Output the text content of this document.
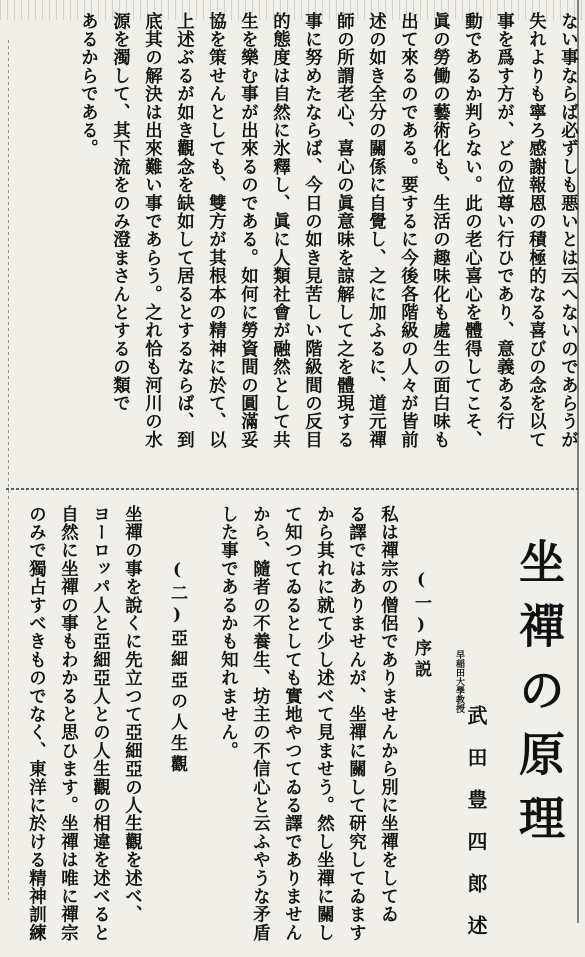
ない事ならば必ずしも悪いとは云へないのであらうが
失れよりも寧ろ感謝報恩の積極的なる喜びの念を以て
事を爲す方が、どの位尊い行ひであり、意義ある行
動であるか判らない。此の老心喜心を體得してこそ、
眞の勞働の藝術化も、生活の趣味化も處生の面白味も
出て來るのである。要するに今後各階級の人々が皆前
述の如き全分の關係に自覺し、之に加ふるに、道元禪
師の所謂老心、喜心の眞意味を諒解して之を體現する
事に努めたならば、今日の如き見苦しい階級間の反目
的態度は自然に氷釋し、眞に人類社會が融然として共
生を樂む事が出來るのである。如何に勞資間の圓滿妥
協を策せんとしても、雙方が其根本の精神に於て、以
上述ぶるが如き觀念を缺如して居るとするならば、到
底其の解決は出來難い事であらう。之れ恰も河川の水
源を濁して、其下流をのみ澄まさんとするの類で
あるからである。
坐禪の原理
早稲田大學教授
武田豊四郎述
(一)序説
私は禪宗の僧侶でありませんから別に坐禪をしてゐ
る譯ではありませんが、坐禪に關して研究してゐます
から其れに就て少し述べて見ませう。然し坐禪に關し
て知つてゐるとしても實地やつてゐる譯でありません
から、隨者の不養生、坊主の不信心と云ふやうな矛盾
した事であるかも知れません。
(二)亞細亞の人生觀
坐禪の事を說くに先立つて亞細亞の人生觀を述べ、
ヨーロッパ人と亞細亞人との人生觀の相違を述べると
自然に坐禪の事もわかると思ひます。坐禪は唯に禪宗
のみで獨占すべきものでなく、東洋に於ける精神訓練
